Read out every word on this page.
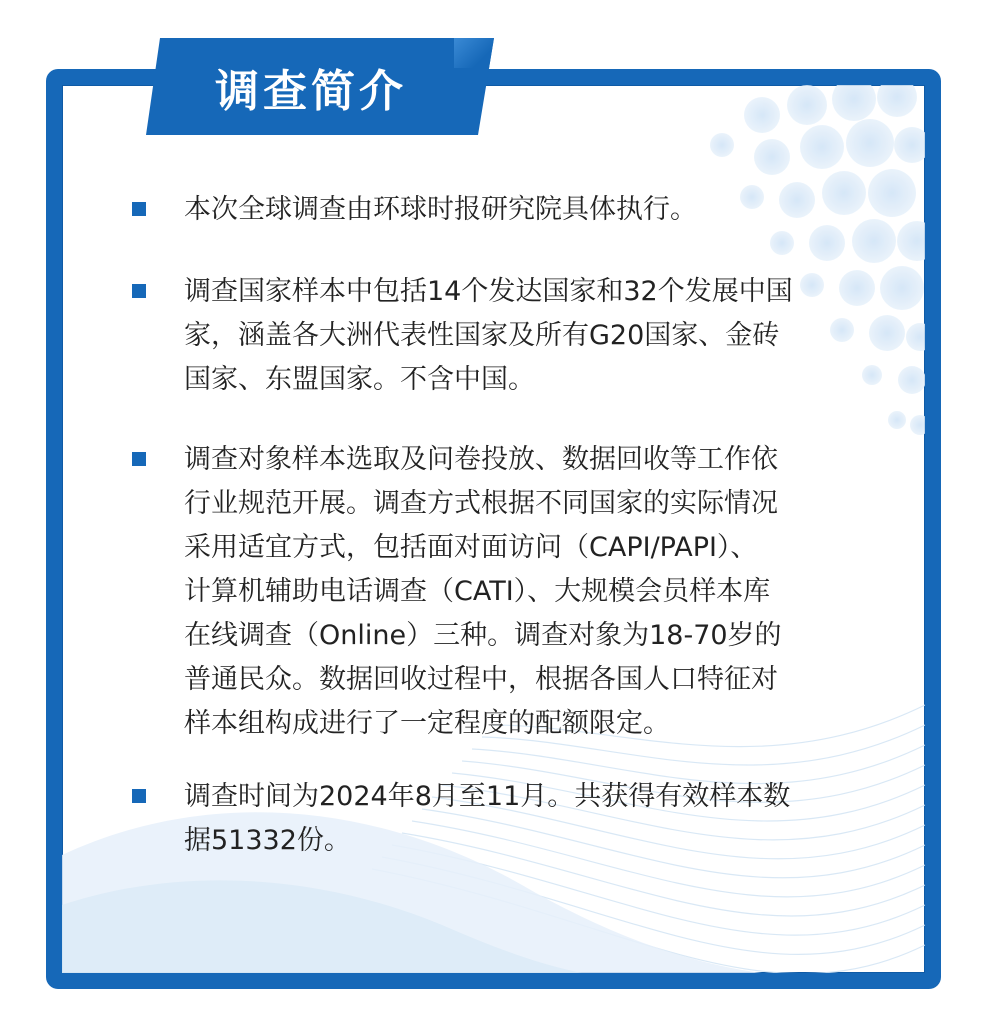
调查简介
本次全球调查由环球时报研究院具体执行。
调查国家样本中包括14个发达国家和32个发展中国
家，涵盖各大洲代表性国家及所有G20国家、金砖
国家、东盟国家。不含中国。
调查对象样本选取及问卷投放、数据回收等工作依
行业规范开展。调查方式根据不同国家的实际情况
采用适宜方式，包括面对面访问（CAPI/PAPI）、
计算机辅助电话调查（CATI）、大规模会员样本库
在线调查（Online）三种。调查对象为18-70岁的
普通民众。数据回收过程中，根据各国人口特征对
样本组构成进行了一定程度的配额限定。
调查时间为2024年8月至11月。共获得有效样本数
据51332份。
